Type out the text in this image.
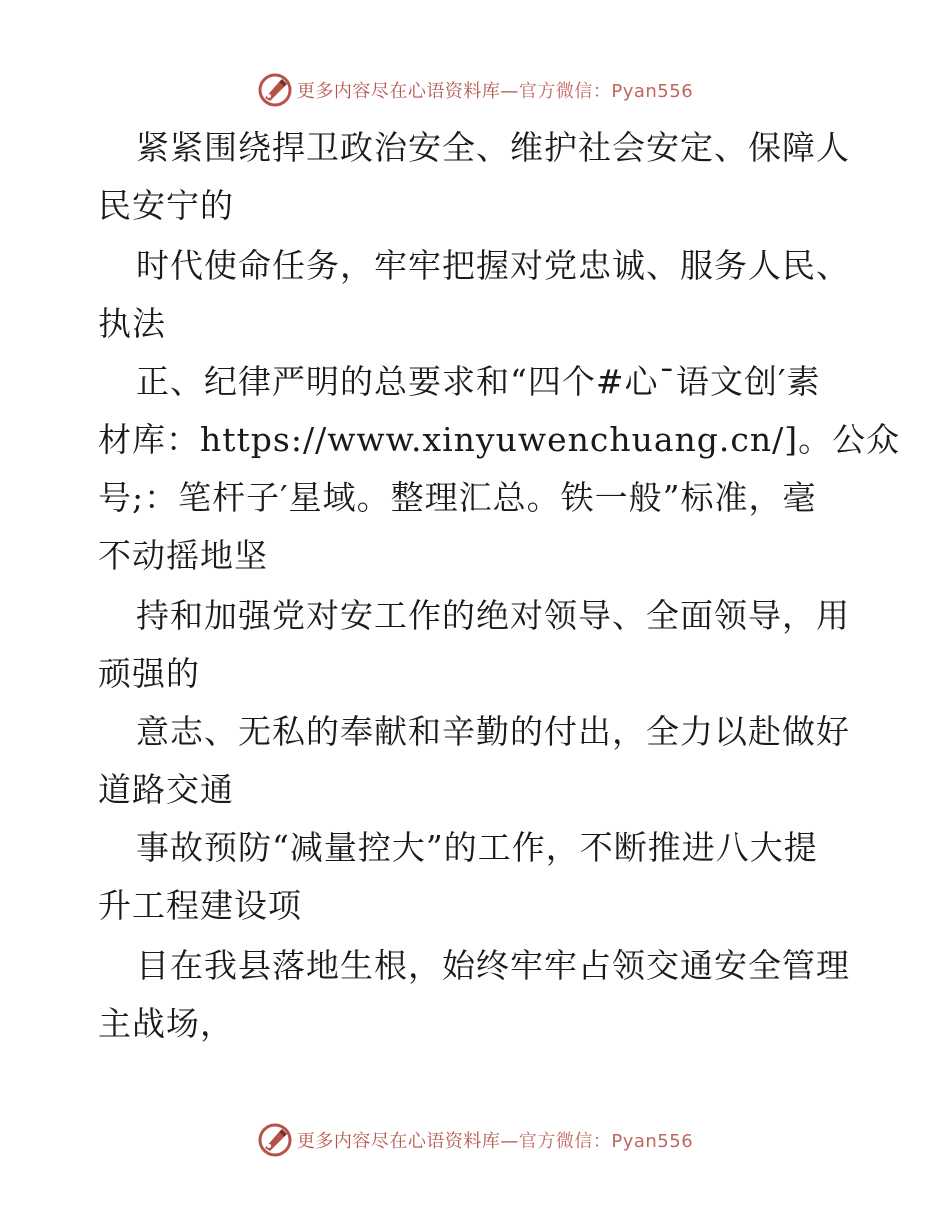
更多内容尽在心语资料库—官方微信：Pyan556
紧紧围绕捍卫政治安全、维护社会安定、保障人
民安宁的
时代使命任务，牢牢把握对党忠诚、服务人民、
执法
正、纪律严明的总要求和“四个#心¯语文创′素
材库：https://www.xinyuwenchuang.cn/]。公众
号;：笔杆子′星域。整理汇总。铁一般”标准，毫
不动摇地坚
持和加强党对安工作的绝对领导、全面领导，用
顽强的
意志、无私的奉献和辛勤的付出，全力以赴做好
道路交通
事故预防“减量控大”的工作，不断推进八大提
升工程建设项
目在我县落地生根，始终牢牢占领交通安全管理
主战场，
更多内容尽在心语资料库—官方微信：Pyan556
